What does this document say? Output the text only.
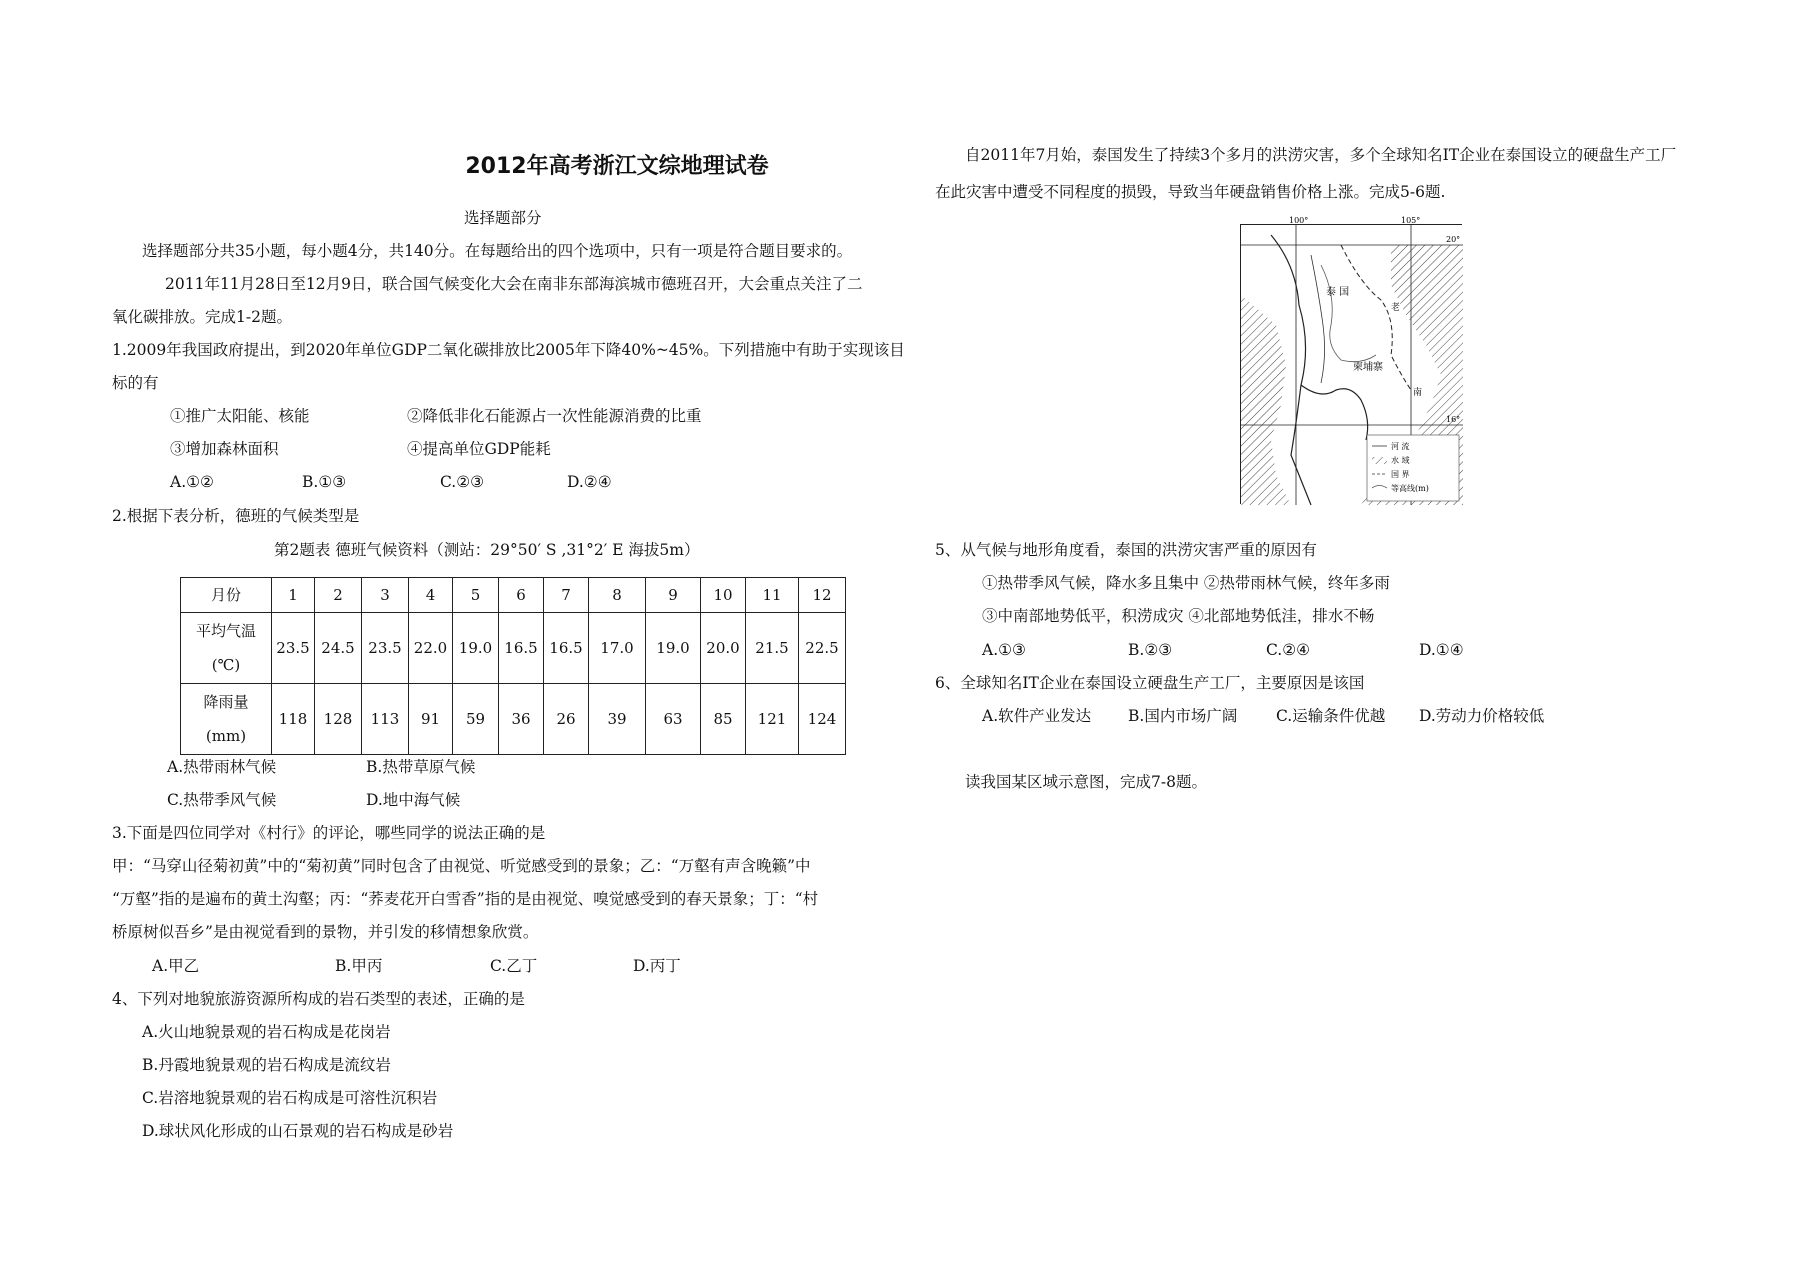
2012年高考浙江文综地理试卷
选择题部分
选择题部分共35小题，每小题4分，共140分。在每题给出的四个选项中，只有一项是符合题目要求的。
2011年11月28日至12月9日，联合国气候变化大会在南非东部海滨城市德班召开，大会重点关注了二
氧化碳排放。完成1-2题。
1.2009年我国政府提出，到2020年单位GDP二氧化碳排放比2005年下降40%~45%。下列措施中有助于实现该目
标的有
①推广太阳能、核能	②降低非化石能源占一次性能源消费的比重
③增加森林面积	④提高单位GDP能耗
A.①②	B.①③	C.②③	D.②④
2.根据下表分析，德班的气候类型是
第2题表 德班气候资料（测站：29°50′ S ,31°2′ E 海拔5m）
月份	1	2	3	4	5	6	7	8	9	10	11	12
平均气温
(℃)	23.5	24.5	23.5	22.0	19.0	16.5	16.5	17.0	19.0	20.0	21.5	22.5
降雨量
(mm)	118	128	113	91	59	36	26	39	63	85	121	124
A.热带雨林气候	B.热带草原气候
C.热带季风气候	D.地中海气候
3.下面是四位同学对《村行》的评论，哪些同学的说法正确的是
甲：“马穿山径菊初黄”中的“菊初黄”同时包含了由视觉、听觉感受到的景象；乙：“万壑有声含晚籁”中
“万壑”指的是遍布的黄土沟壑；丙：“荞麦花开白雪香”指的是由视觉、嗅觉感受到的春天景象；丁：“村
桥原树似吾乡”是由视觉看到的景物，并引发的移情想象欣赏。
A.甲乙	B.甲丙	C.乙丁	D.丙丁
4、下列对地貌旅游资源所构成的岩石类型的表述，正确的是
A.火山地貌景观的岩石构成是花岗岩
B.丹霞地貌景观的岩石构成是流纹岩
C.岩溶地貌景观的岩石构成是可溶性沉积岩
D.球状风化形成的山石景观的岩石构成是砂岩
自2011年7月始，泰国发生了持续3个多月的洪涝灾害，多个全球知名IT企业在泰国设立的硬盘生产工厂
在此灾害中遭受不同程度的损毁，导致当年硬盘销售价格上涨。完成5-6题.
100°	105°
20°
16°
泰 国
柬埔寨
老
南
河 流
水 域
国 界
等高线(m)
5、从气候与地形角度看，泰国的洪涝灾害严重的原因有
①热带季风气候，降水多且集中 ②热带雨林气候，终年多雨
③中南部地势低平，积涝成灾 ④北部地势低洼，排水不畅
A.①③	B.②③	C.②④	D.①④
6、全球知名IT企业在泰国设立硬盘生产工厂，主要原因是该国
A.软件产业发达 B.国内市场广阔 C.运输条件优越 D.劳动力价格较低
读我国某区域示意图，完成7-8题。
